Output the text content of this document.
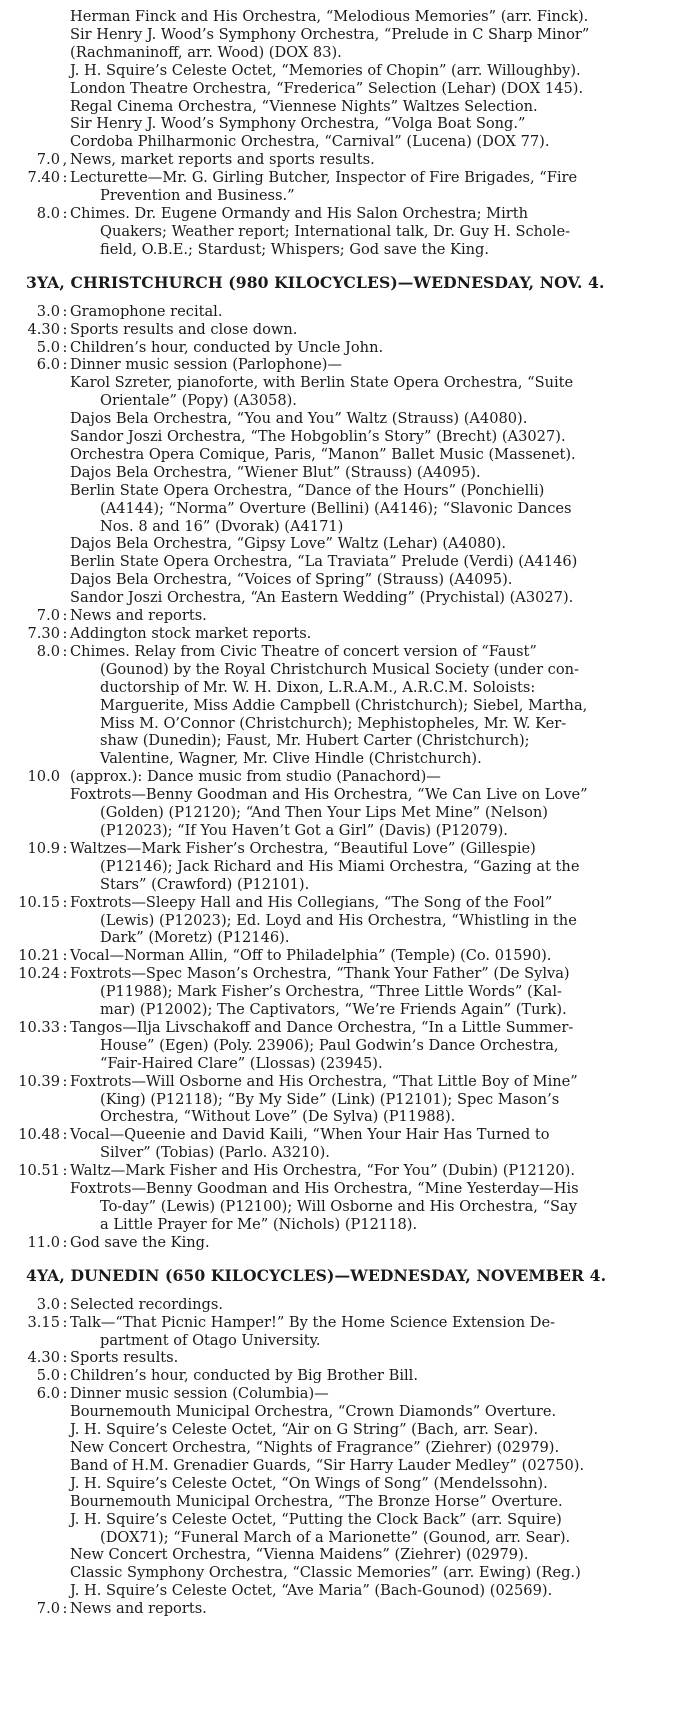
Herman Finck and His Orchestra, “Melodious Memories” (arr. Finck).
Sir Henry J. Wood’s Symphony Orchestra, “Prelude in C Sharp Minor”
(Rachmaninoff, arr. Wood) (DOX 83).
J. H. Squire’s Celeste Octet, “Memories of Chopin” (arr. Willoughby).
London Theatre Orchestra, “Frederica” Selection (Lehar) (DOX 145).
Regal Cinema Orchestra, “Viennese Nights” Waltzes Selection.
Sir Henry J. Wood’s Symphony Orchestra, “Volga Boat Song.”
Cordoba Philharmonic Orchestra, “Carnival” (Lucena) (DOX 77).
7.0 , News, market reports and sports results.
7.40 : Lecturette—Mr. G. Girling Butcher, Inspector of Fire Brigades, “Fire
Prevention and Business.”
8.0 : Chimes. Dr. Eugene Ormandy and His Salon Orchestra; Mirth
Quakers; Weather report; International talk, Dr. Guy H. Schole-
field, O.B.E.; Stardust; Whispers; God save the King.
3YA, CHRISTCHURCH (980 KILOCYCLES)—WEDNESDAY, NOV. 4.
3.0 : Gramophone recital.
4.30 : Sports results and close down.
5.0 : Children’s hour, conducted by Uncle John.
6.0 : Dinner music session (Parlophone)—
Karol Szreter, pianoforte, with Berlin State Opera Orchestra, “Suite
Orientale” (Popy) (A3058).
Dajos Bela Orchestra, “You and You” Waltz (Strauss) (A4080).
Sandor Joszi Orchestra, “The Hobgoblin’s Story” (Brecht) (A3027).
Orchestra Opera Comique, Paris, “Manon” Ballet Music (Massenet).
Dajos Bela Orchestra, “Wiener Blut” (Strauss) (A4095).
Berlin State Opera Orchestra, “Dance of the Hours” (Ponchielli)
(A4144); “Norma” Overture (Bellini) (A4146); “Slavonic Dances
Nos. 8 and 16” (Dvorak) (A4171)
Dajos Bela Orchestra, “Gipsy Love” Waltz (Lehar) (A4080).
Berlin State Opera Orchestra, “La Traviata” Prelude (Verdi) (A4146)
Dajos Bela Orchestra, “Voices of Spring” (Strauss) (A4095).
Sandor Joszi Orchestra, “An Eastern Wedding” (Prychistal) (A3027).
7.0 : News and reports.
7.30 : Addington stock market reports.
8.0 : Chimes. Relay from Civic Theatre of concert version of “Faust”
(Gounod) by the Royal Christchurch Musical Society (under con-
ductorship of Mr. W. H. Dixon, L.R.A.M., A.R.C.M. Soloists:
Marguerite, Miss Addie Campbell (Christchurch); Siebel, Martha,
Miss M. O’Connor (Christchurch); Mephistopheles, Mr. W. Ker-
shaw (Dunedin); Faust, Mr. Hubert Carter (Christchurch);
Valentine, Wagner, Mr. Clive Hindle (Christchurch).
10.0 (approx.): Dance music from studio (Panachord)—
Foxtrots—Benny Goodman and His Orchestra, “We Can Live on Love”
(Golden) (P12120); “And Then Your Lips Met Mine” (Nelson)
(P12023); “If You Haven’t Got a Girl” (Davis) (P12079).
10.9 : Waltzes—Mark Fisher’s Orchestra, “Beautiful Love” (Gillespie)
(P12146); Jack Richard and His Miami Orchestra, “Gazing at the
Stars” (Crawford) (P12101).
10.15 : Foxtrots—Sleepy Hall and His Collegians, “The Song of the Fool”
(Lewis) (P12023); Ed. Loyd and His Orchestra, “Whistling in the
Dark” (Moretz) (P12146).
10.21 : Vocal—Norman Allin, “Off to Philadelphia” (Temple) (Co. 01590).
10.24 : Foxtrots—Spec Mason’s Orchestra, “Thank Your Father” (De Sylva)
(P11988); Mark Fisher’s Orchestra, “Three Little Words” (Kal-
mar) (P12002); The Captivators, “We’re Friends Again” (Turk).
10.33 : Tangos—Ilja Livschakoff and Dance Orchestra, “In a Little Summer-
House” (Egen) (Poly. 23906); Paul Godwin’s Dance Orchestra,
“Fair-Haired Clare” (Llossas) (23945).
10.39 : Foxtrots—Will Osborne and His Orchestra, “That Little Boy of Mine”
(King) (P12118); “By My Side” (Link) (P12101); Spec Mason’s
Orchestra, “Without Love” (De Sylva) (P11988).
10.48 : Vocal—Queenie and David Kaili, “When Your Hair Has Turned to
Silver” (Tobias) (Parlo. A3210).
10.51 : Waltz—Mark Fisher and His Orchestra, “For You” (Dubin) (P12120).
Foxtrots—Benny Goodman and His Orchestra, “Mine Yesterday—His
To-day” (Lewis) (P12100); Will Osborne and His Orchestra, “Say
a Little Prayer for Me” (Nichols) (P12118).
11.0 : God save the King.
4YA, DUNEDIN (650 KILOCYCLES)—WEDNESDAY, NOVEMBER 4.
3.0 : Selected recordings.
3.15 : Talk—“That Picnic Hamper!” By the Home Science Extension De-
partment of Otago University.
4.30 : Sports results.
5.0 : Children’s hour, conducted by Big Brother Bill.
6.0 : Dinner music session (Columbia)—
Bournemouth Municipal Orchestra, “Crown Diamonds” Overture.
J. H. Squire’s Celeste Octet, “Air on G String” (Bach, arr. Sear).
New Concert Orchestra, “Nights of Fragrance” (Ziehrer) (02979).
Band of H.M. Grenadier Guards, “Sir Harry Lauder Medley” (02750).
J. H. Squire’s Celeste Octet, “On Wings of Song” (Mendelssohn).
Bournemouth Municipal Orchestra, “The Bronze Horse” Overture.
J. H. Squire’s Celeste Octet, “Putting the Clock Back” (arr. Squire)
(DOX71); “Funeral March of a Marionette” (Gounod, arr. Sear).
New Concert Orchestra, “Vienna Maidens” (Ziehrer) (02979).
Classic Symphony Orchestra, “Classic Memories” (arr. Ewing) (Reg.)
J. H. Squire’s Celeste Octet, “Ave Maria” (Bach-Gounod) (02569).
7.0 : News and reports.
